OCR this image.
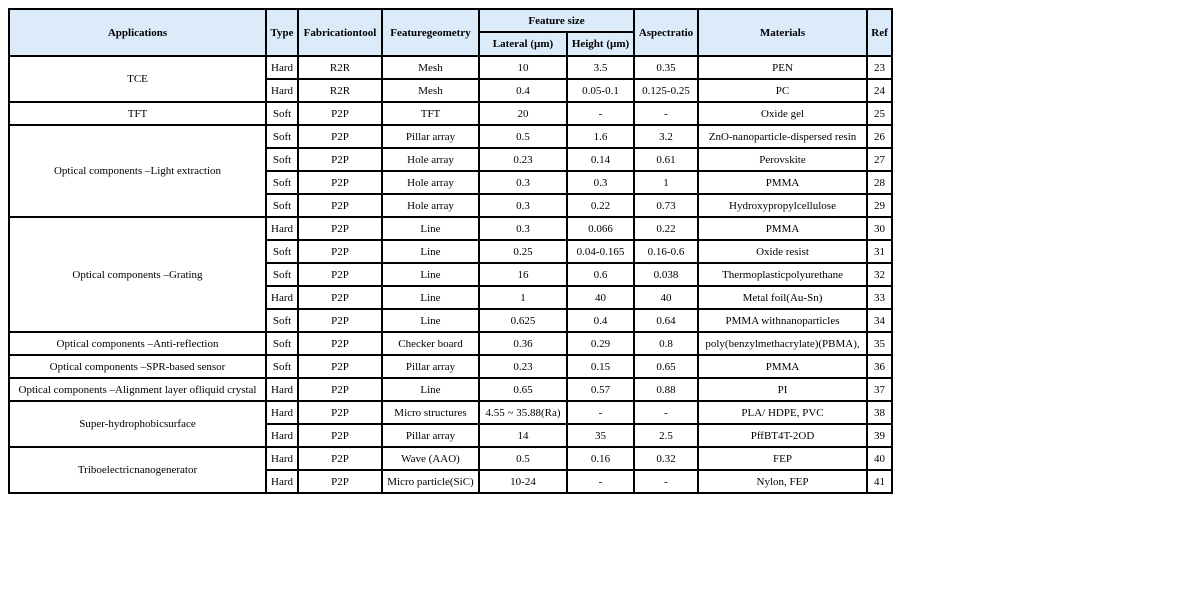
Applications	Type	Fabricationtool	Featuregeometry	Feature size		Aspectratio	Materials	Ref
				Lateral (µm)	Height (µm)			
TCE	Hard	R2R	Mesh	10	3.5	0.35	PEN	23
	Hard	R2R	Mesh	0.4	0.05-0.1	0.125-0.25	PC	24
TFT	Soft	P2P	TFT	20	-	-	Oxide gel	25
Optical components –Light extraction	Soft	P2P	Pillar array	0.5	1.6	3.2	ZnO-nanoparticle-dispersed resin	26
	Soft	P2P	Hole array	0.23	0.14	0.61	Perovskite	27
	Soft	P2P	Hole array	0.3	0.3	1	PMMA	28
	Soft	P2P	Hole array	0.3	0.22	0.73	Hydroxypropylcellulose	29
Optical components –Grating	Hard	P2P	Line	0.3	0.066	0.22	PMMA	30
	Soft	P2P	Line	0.25	0.04-0.165	0.16-0.6	Oxide resist	31
	Soft	P2P	Line	16	0.6	0.038	Thermoplasticpolyurethane	32
	Hard	P2P	Line	1	40	40	Metal foil(Au-Sn)	33
	Soft	P2P	Line	0.625	0.4	0.64	PMMA withnanoparticles	34
Optical components –Anti-reflection	Soft	P2P	Checker board	0.36	0.29	0.8	poly(benzylmethacrylate)(PBMA),	35
Optical components –SPR-based sensor	Soft	P2P	Pillar array	0.23	0.15	0.65	PMMA	36
Optical components –Alignment layer ofliquid crystal	Hard	P2P	Line	0.65	0.57	0.88	PI	37
Super-hydrophobicsurface	Hard	P2P	Micro structures	4.55 ~ 35.88(Ra)	-	-	PLA/ HDPE, PVC	38
	Hard	P2P	Pillar array	14	35	2.5	PffBT4T-2OD	39
Triboelectricnanogenerator	Hard	P2P	Wave (AAO)	0.5	0.16	0.32	FEP	40
	Hard	P2P	Micro particle(SiC)	10-24	-	-	Nylon, FEP	41
